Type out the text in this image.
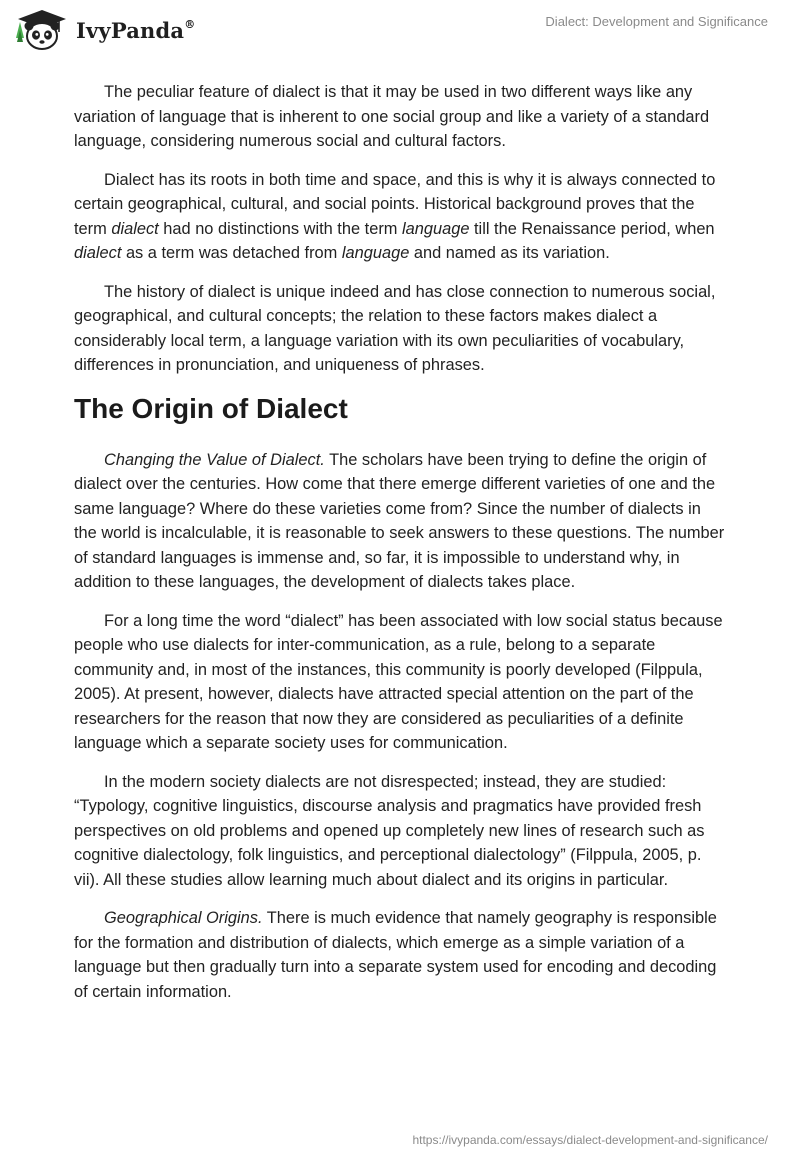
IvyPanda®	Dialect: Development and Significance

The peculiar feature of dialect is that it may be used in two different ways like any variation of language that is inherent to one social group and like a variety of a standard language, considering numerous social and cultural factors.

Dialect has its roots in both time and space, and this is why it is always connected to certain geographical, cultural, and social points. Historical background proves that the term dialect had no distinctions with the term language till the Renaissance period, when dialect as a term was detached from language and named as its variation.

The history of dialect is unique indeed and has close connection to numerous social, geographical, and cultural concepts; the relation to these factors makes dialect a considerably local term, a language variation with its own peculiarities of vocabulary, differences in pronunciation, and uniqueness of phrases.

The Origin of Dialect

Changing the Value of Dialect. The scholars have been trying to define the origin of dialect over the centuries. How come that there emerge different varieties of one and the same language? Where do these varieties come from? Since the number of dialects in the world is incalculable, it is reasonable to seek answers to these questions. The number of standard languages is immense and, so far, it is impossible to understand why, in addition to these languages, the development of dialects takes place.

For a long time the word “dialect” has been associated with low social status because people who use dialects for inter-communication, as a rule, belong to a separate community and, in most of the instances, this community is poorly developed (Filppula, 2005). At present, however, dialects have attracted special attention on the part of the researchers for the reason that now they are considered as peculiarities of a definite language which a separate society uses for communication.

In the modern society dialects are not disrespected; instead, they are studied: “Typology, cognitive linguistics, discourse analysis and pragmatics have provided fresh perspectives on old problems and opened up completely new lines of research such as cognitive dialectology, folk linguistics, and perceptional dialectology” (Filppula, 2005, p. vii). All these studies allow learning much about dialect and its origins in particular.

Geographical Origins. There is much evidence that namely geography is responsible for the formation and distribution of dialects, which emerge as a simple variation of a language but then gradually turn into a separate system used for encoding and decoding of certain information.

https://ivypanda.com/essays/dialect-development-and-significance/
